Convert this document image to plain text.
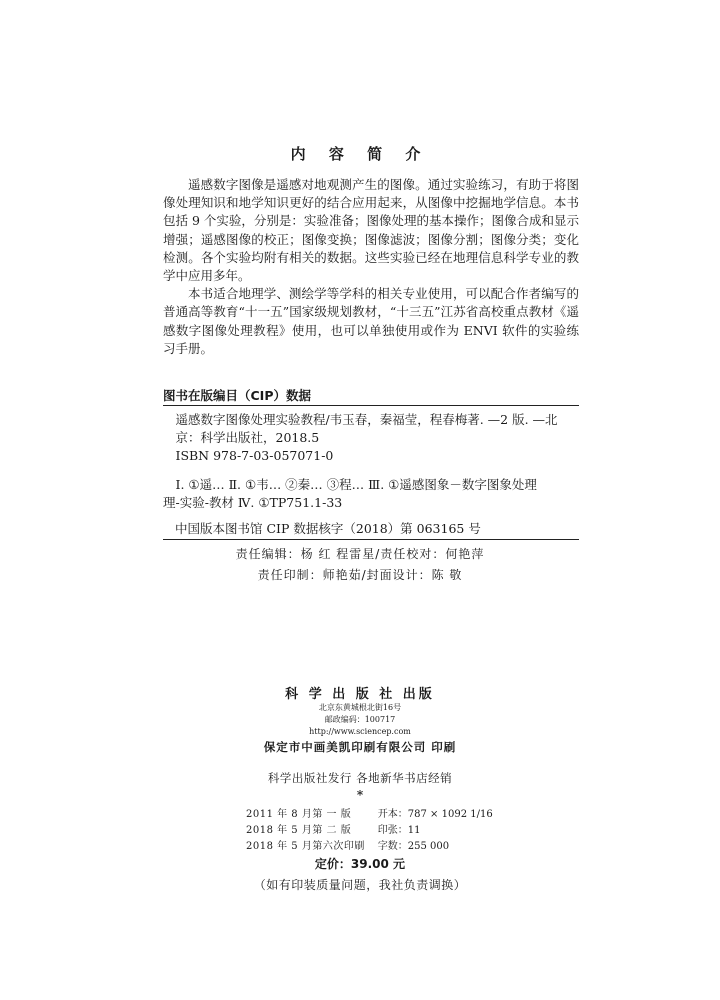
内 容 简 介

遥感数字图像是遥感对地观测产生的图像。通过实验练习，有助于将图像处理知识和地学知识更好的结合应用起来，从图像中挖掘地学信息。本书包括 9 个实验，分别是：实验准备；图像处理的基本操作；图像合成和显示增强；遥感图像的校正；图像变换；图像滤波；图像分割；图像分类；变化检测。各个实验均附有相关的数据。这些实验已经在地理信息科学专业的教学中应用多年。

本书适合地理学、测绘学等学科的相关专业使用，可以配合作者编写的普通高等教育“十一五”国家级规划教材，“十三五”江苏省高校重点教材《遥感数字图像处理教程》使用，也可以单独使用或作为 ENVI 软件的实验练习手册。

图书在版编目（CIP）数据
遥感数字图像处理实验教程/韦玉春，秦福莹，程春梅著. —2 版. —北京：科学出版社，2018.5
ISBN 978-7-03-057071-0
Ⅰ. ①遥… Ⅱ. ①韦… ②秦… ③程… Ⅲ. ①遥感图象－数字图象处理
理-实验-教材 Ⅳ. ①TP751.1-33
中国版本图书馆 CIP 数据核字（2018）第 063165 号
责任编辑：杨 红 程雷星/责任校对：何艳萍
责任印制：师艳茹/封面设计：陈 敬
科 学 出 版 社 出版
北京东黄城根北街16号
邮政编码：100717
http://www.sciencep.com
保定市中画美凯印刷有限公司 印刷
科学出版社发行 各地新华书店经销
*
2011 年 8 月第 一 版	开本：787 × 1092 1/16
2018 年 5 月第 二 版	印张：11
2018 年 5 月第六次印刷	字数：255 000
定价：39.00 元
（如有印装质量问题，我社负责调换）
